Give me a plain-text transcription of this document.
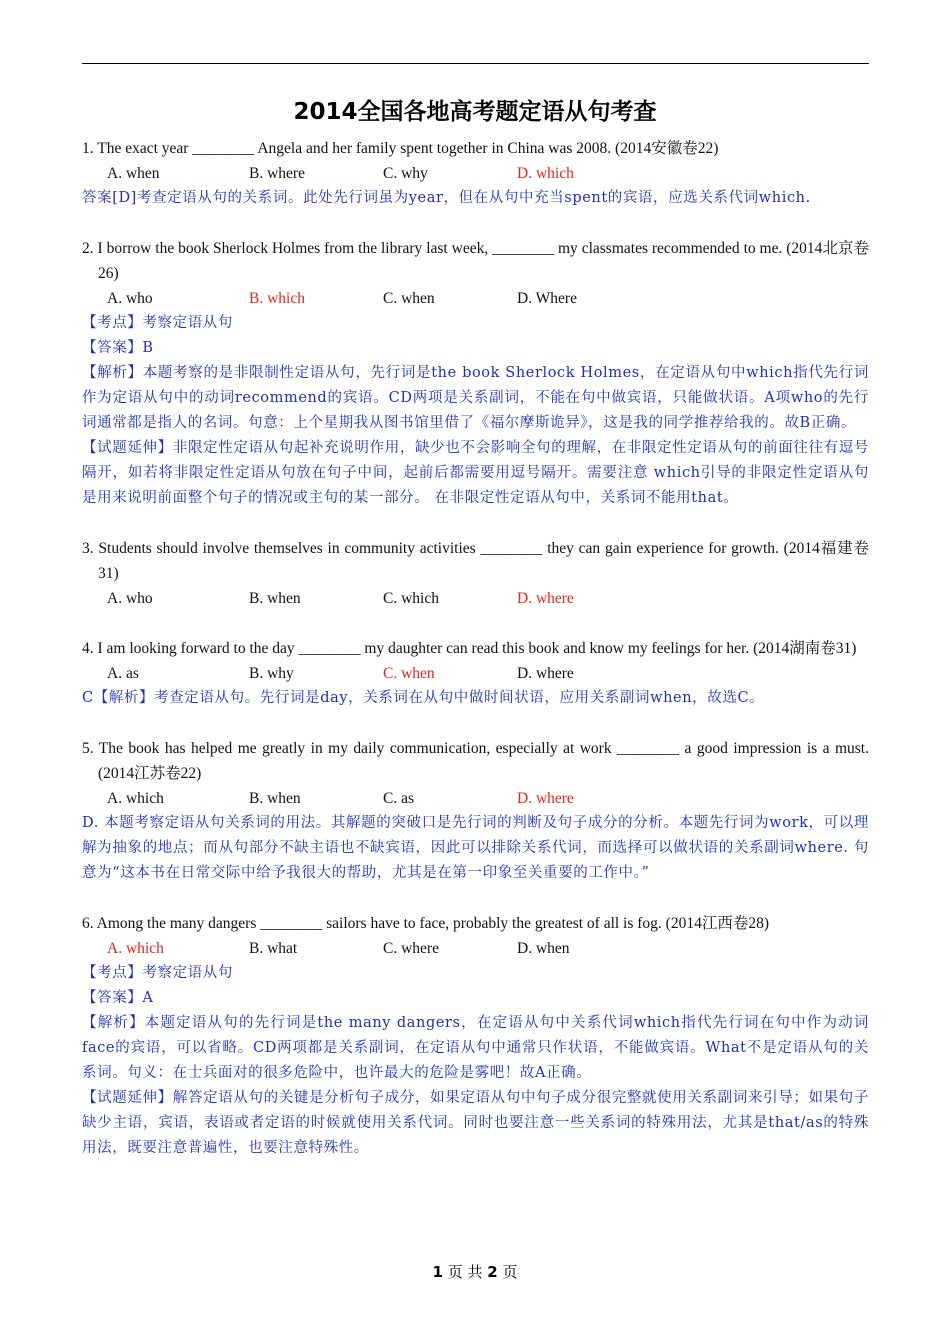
2014全国各地高考题定语从句考查

1. The exact year ________ Angela and her family spent together in China was 2008. (2014安徽卷22)

A. when	B. where	C. why	D. which

答案[D]考查定语从句的关系词。此处先行词虽为year，但在从句中充当spent的宾语，应选关系代词which.

2. I borrow the book Sherlock Holmes from the library last week, ________ my classmates recommended to me. (2014北京卷26)

A. who	B. which	C. when	D. Where

【考点】考察定语从句

【答案】B

【解析】本题考察的是非限制性定语从句，先行词是the book Sherlock Holmes，在定语从句中which指代先行词作为定语从句中的动词recommend的宾语。CD两项是关系副词，不能在句中做宾语，只能做状语。A项who的先行词通常都是指人的名词。句意：上个星期我从图书馆里借了《福尔摩斯诡异》，这是我的同学推荐给我的。故B正确。

【试题延伸】非限定性定语从句起补充说明作用，缺少也不会影响全句的理解，在非限定性定语从句的前面往往有逗号隔开，如若将非限定性定语从句放在句子中间，起前后都需要用逗号隔开。需要注意 which引导的非限定性定语从句是用来说明前面整个句子的情况或主句的某一部分。 在非限定性定语从句中，关系词不能用that。

3. Students should involve themselves in community activities ________ they can gain experience for growth. (2014福建卷31)

A. who	B. when	C. which	D. where

4. I am looking forward to the day ________ my daughter can read this book and know my feelings for her. (2014湖南卷31)

A. as	B. why	C. when	D. where

C【解析】考查定语从句。先行词是day，关系词在从句中做时间状语，应用关系副词when，故选C。

5. The book has helped me greatly in my daily communication, especially at work ________ a good impression is a must. (2014江苏卷22)

A. which	B. when	C. as	D. where

D. 本题考察定语从句关系词的用法。其解题的突破口是先行词的判断及句子成分的分析。本题先行词为work，可以理解为抽象的地点；而从句部分不缺主语也不缺宾语，因此可以排除关系代词，而选择可以做状语的关系副词where. 句意为“这本书在日常交际中给予我很大的帮助，尤其是在第一印象至关重要的工作中。”

6. Among the many dangers ________ sailors have to face, probably the greatest of all is fog. (2014江西卷28)

A. which	B. what	C. where	D. when

【考点】考察定语从句

【答案】A

【解析】本题定语从句的先行词是the many dangers，在定语从句中关系代词which指代先行词在句中作为动词face的宾语，可以省略。CD两项都是关系副词，在定语从句中通常只作状语，不能做宾语。What不是定语从句的关系词。句义：在士兵面对的很多危险中，也许最大的危险是雾吧！故A正确。

【试题延伸】解答定语从句的关键是分析句子成分，如果定语从句中句子成分很完整就使用关系副词来引导；如果句子缺少主语，宾语，表语或者定语的时候就使用关系代词。同时也要注意一些关系词的特殊用法，尤其是that/as的特殊用法，既要注意普遍性，也要注意特殊性。

1 页 共 2 页
